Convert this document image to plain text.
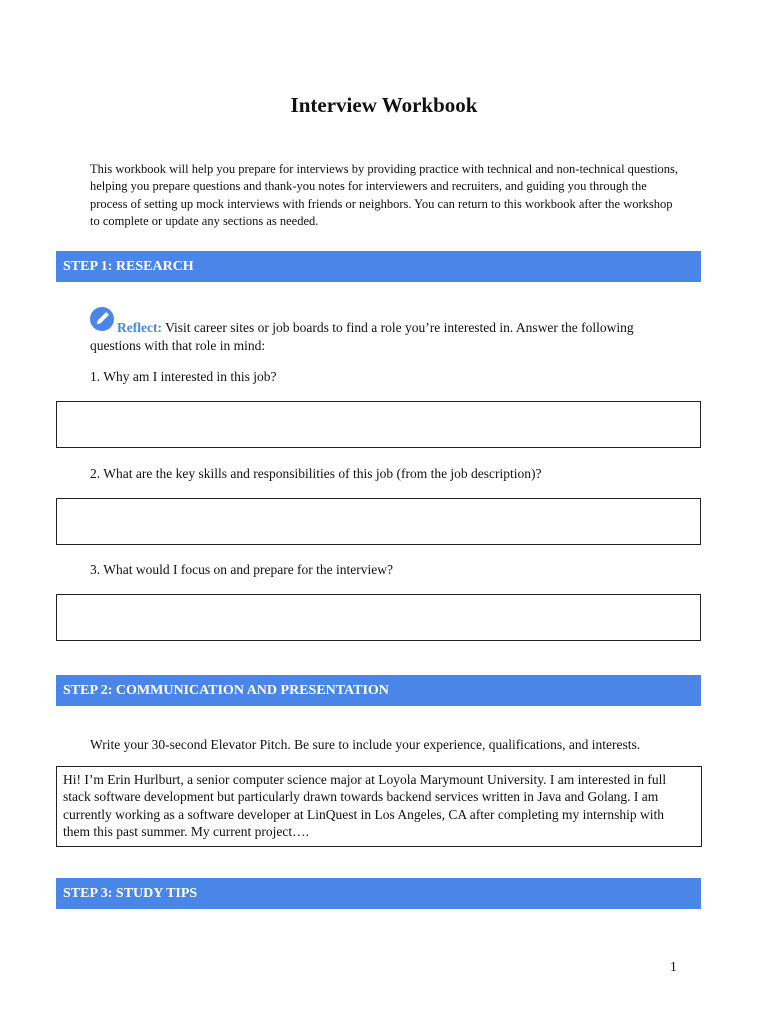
Interview Workbook
This workbook will help you prepare for interviews by providing practice with technical and non-technical questions, helping you prepare questions and thank-you notes for interviewers and recruiters, and guiding you through the process of setting up mock interviews with friends or neighbors. You can return to this workbook after the workshop to complete or update any sections as needed.
STEP 1: RESEARCH
Reflect: Visit career sites or job boards to find a role you’re interested in. Answer the following
questions with that role in mind:
1. Why am I interested in this job?
2. What are the key skills and responsibilities of this job (from the job description)?
3. What would I focus on and prepare for the interview?
STEP 2: COMMUNICATION AND PRESENTATION
Write your 30-second Elevator Pitch. Be sure to include your experience, qualifications, and interests.
Hi! I’m Erin Hurlburt, a senior computer science major at Loyola Marymount University. I am interested in full
stack software development but particularly drawn towards backend services written in Java and Golang. I am
currently working as a software developer at LinQuest in Los Angeles, CA after completing my internship with
them this past summer. My current project….
STEP 3: STUDY TIPS
1
